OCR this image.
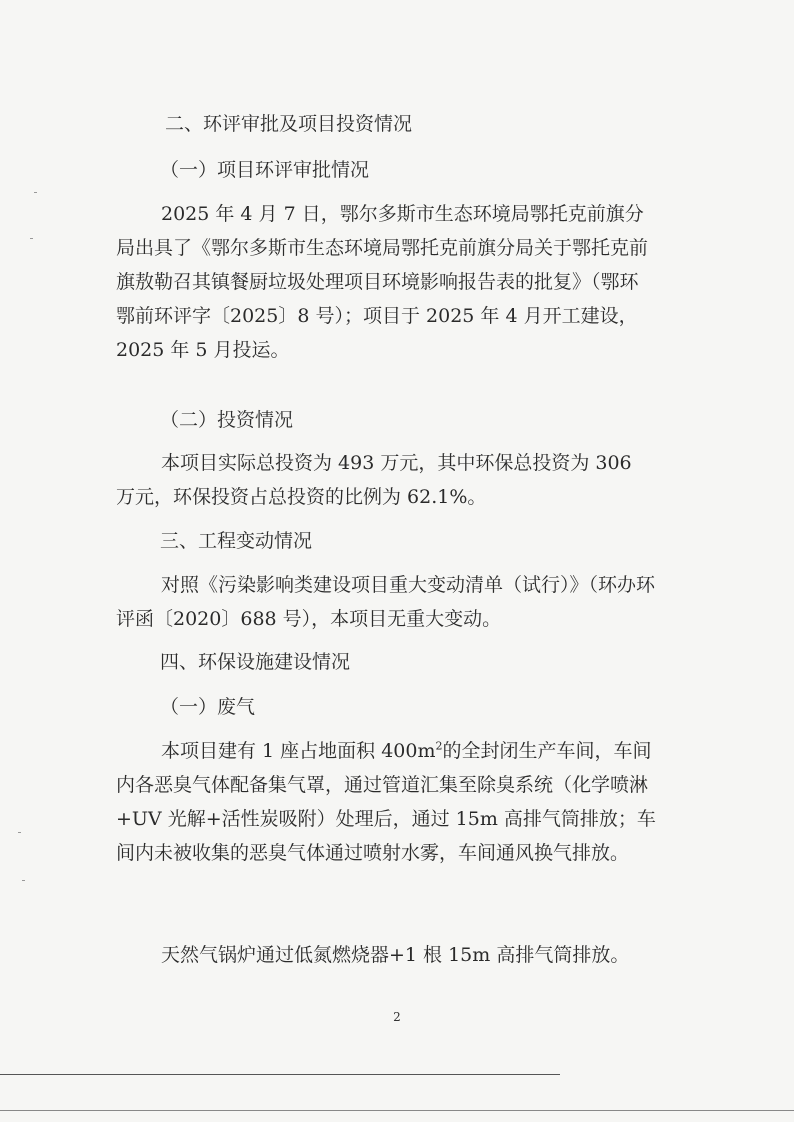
二、环评审批及项目投资情况
（一）项目环评审批情况
2025 年 4 月 7 日，鄂尔多斯市生态环境局鄂托克前旗分局出具了《鄂尔多斯市生态环境局鄂托克前旗分局关于鄂托克前旗敖勒召其镇餐厨垃圾处理项目环境影响报告表的批复》（鄂环鄂前环评字〔2025〕8 号）；项目于 2025 年 4 月开工建设，2025 年 5 月投运。
（二）投资情况
本项目实际总投资为 493 万元，其中环保总投资为 306 万元，环保投资占总投资的比例为 62.1%。
三、工程变动情况
对照《污染影响类建设项目重大变动清单（试行）》（环办环评函〔2020〕688 号），本项目无重大变动。
四、环保设施建设情况
（一）废气
本项目建有 1 座占地面积 $400m^2$的全封闭生产车间，车间内各恶臭气体配备集气罩，通过管道汇集至除臭系统（化学喷淋+UV 光解+活性炭吸附）处理后，通过 15m 高排气筒排放；车间内未被收集的恶臭气体通过喷射水雾，车间通风换气排放。
天然气锅炉通过低氮燃烧器+1 根 15m 高排气筒排放。
2
